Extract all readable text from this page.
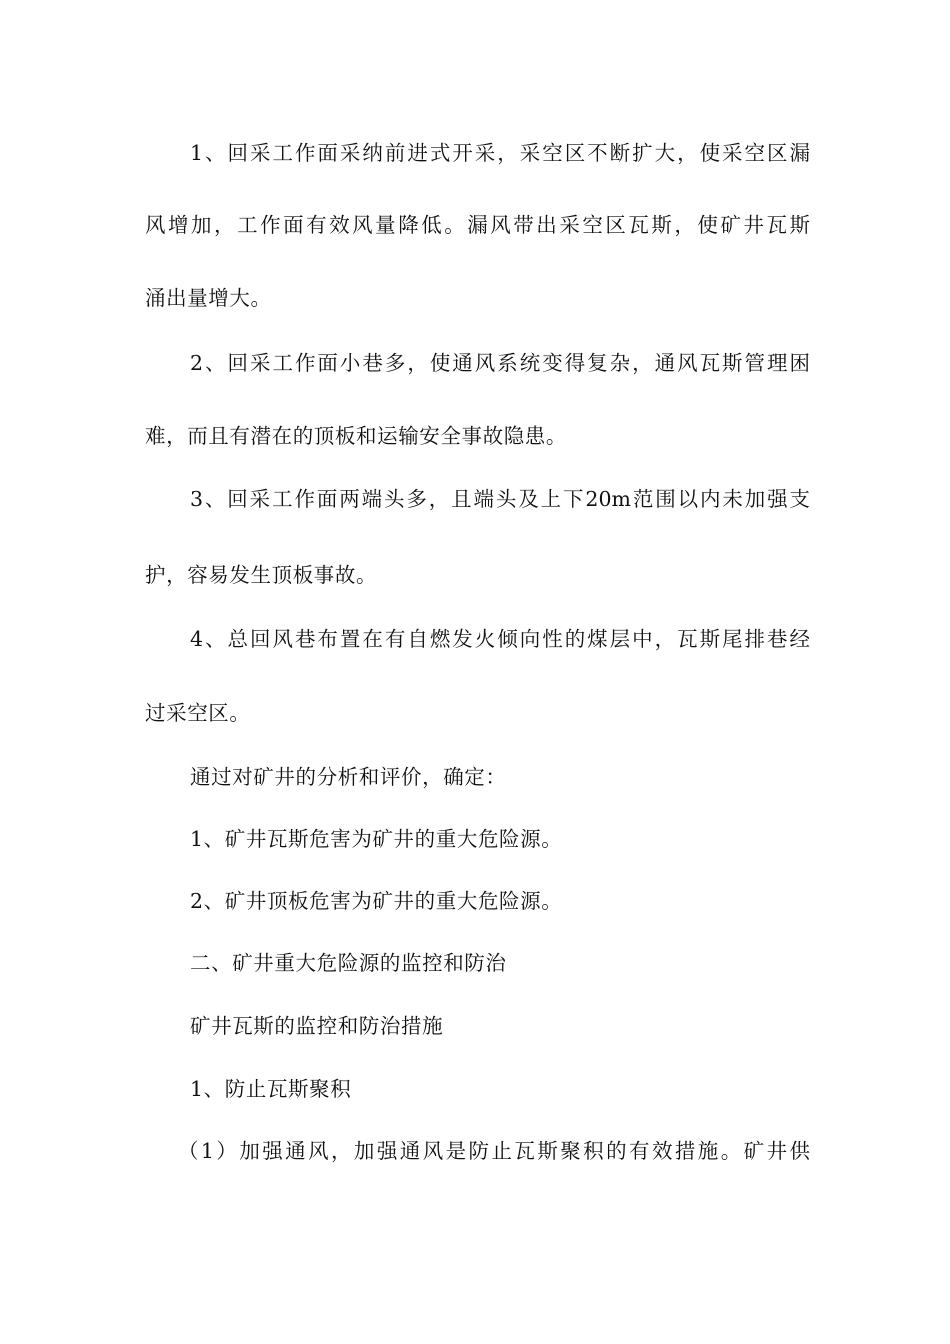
1、回采工作面采纳前进式开采，采空区不断扩大，使采空区漏
风增加，工作面有效风量降低。漏风带出采空区瓦斯，使矿井瓦斯
涌出量增大。
2、回采工作面小巷多，使通风系统变得复杂，通风瓦斯管理困
难，而且有潜在的顶板和运输安全事故隐患。
3、回采工作面两端头多，且端头及上下20m范围以内未加强支
护，容易发生顶板事故。
4、总回风巷布置在有自燃发火倾向性的煤层中，瓦斯尾排巷经
过采空区。
通过对矿井的分析和评价，确定：
1、矿井瓦斯危害为矿井的重大危险源。
2、矿井顶板危害为矿井的重大危险源。
二、矿井重大危险源的监控和防治
矿井瓦斯的监控和防治措施
1、防止瓦斯聚积
（1）加强通风，加强通风是防止瓦斯聚积的有效措施。矿井供
